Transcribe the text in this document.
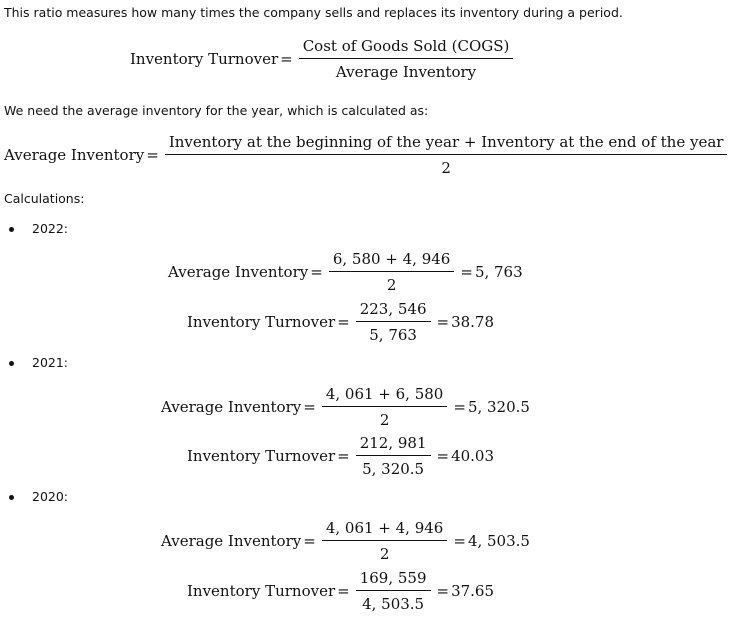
This ratio measures how many times the company sells and replaces its inventory during a period.
Inventory Turnover = $\frac{\text{Cost of Goods Sold (COGS)}}{\text{Average Inventory}}$
We need the average inventory for the year, which is calculated as:
Average Inventory =
Inventory at the beginning of the year + Inventory at the end of the year
2
Calculations:
2022:
Average Inventory = $\frac{6, 580 + 4, 946}{2} = 5$, 763
Inventory Turnover = $\frac{223, 546}{5, 763} = 38.78$
2021:
Average Inventory = $\frac{4, 061 + 6, 580}{2} = 5$, 320.5
Inventory Turnover = $\frac{212, 981}{5, 320.5} = 40.03$
2020:
Average Inventory = $\frac{4, 061 + 4, 946}{2} = 4$, 503.5
Inventory Turnover = $\frac{169, 559}{4, 503.5} = 37.65$
